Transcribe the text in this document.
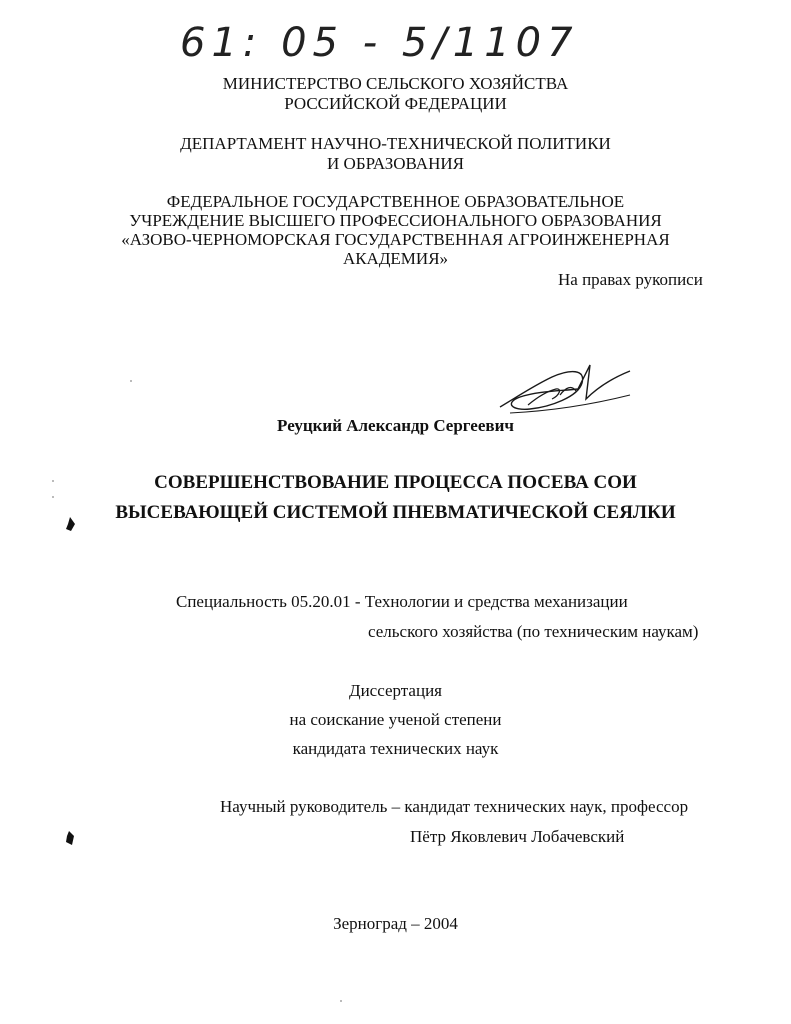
61: 05 - 5/1107
МИНИСТЕРСТВО СЕЛЬСКОГО ХОЗЯЙСТВА
РОССИЙСКОЙ ФЕДЕРАЦИИ
ДЕПАРТАМЕНТ НАУЧНО-ТЕХНИЧЕСКОЙ ПОЛИТИКИ
И ОБРАЗОВАНИЯ
ФЕДЕРАЛЬНОЕ ГОСУДАРСТВЕННОЕ ОБРАЗОВАТЕЛЬНОЕ
УЧРЕЖДЕНИЕ ВЫСШЕГО ПРОФЕССИОНАЛЬНОГО ОБРАЗОВАНИЯ
«АЗОВО-ЧЕРНОМОРСКАЯ ГОСУДАРСТВЕННАЯ АГРОИНЖЕНЕРНАЯ
АКАДЕМИЯ»
На правах рукописи
Реуцкий Александр Сергеевич
СОВЕРШЕНСТВОВАНИЕ ПРОЦЕССА ПОСЕВА СОИ
ВЫСЕВАЮЩЕЙ СИСТЕМОЙ ПНЕВМАТИЧЕСКОЙ СЕЯЛКИ
Специальность 05.20.01 - Технологии и средства механизации
сельского хозяйства (по техническим наукам)
Диссертация
на соискание ученой степени
кандидата технических наук
Научный руководитель – кандидат технических наук, профессор
Пётр Яковлевич Лобачевский
Зерноград – 2004
